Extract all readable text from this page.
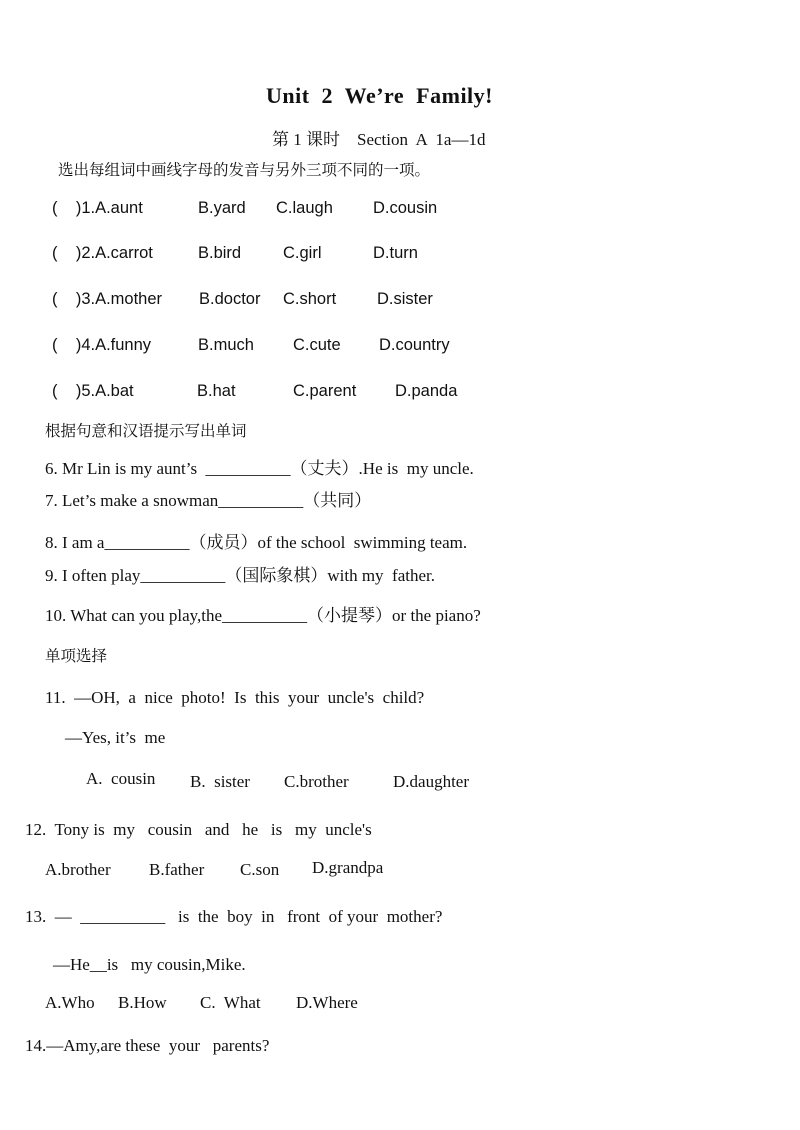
Unit  2  We’re  Family!
第 1 课时    Section  A  1a—1d
选出每组词中画线字母的发音与另外三项不同的一项。
(    )1.A.aunt	B.yard C.laugh D.cousin
(    )2.A.carrot	B.bird	C.girl	D.turn
(    )3.A.mother B.doctor C.short D.sister
(    )4.A.funny	B.much C.cute D.country
(    )5.A.bat	B.hat	C.parent D.panda
根据句意和汉语提示写出单词
6. Mr Lin is my aunt’s  __________（丈夫）.He is  my uncle.
7. Let’s make a snowman__________（共同）
8. I am a__________（成员）of the school  swimming team.
9. I often play__________（国际象棋）with my  father.
10. What can you play,the__________（小提琴）or the piano?
单项选择
11.  —OH,  a  nice  photo!  Is  this  your  uncle's  child?
—Yes, it’s  me
A.  cousin B.  sister C.brother	D.daughter
12.  Tony is  my   cousin   and   he   is   my  uncle's
A.brother B.father C.son D.grandpa
13.  —  __________   is  the  boy  in   front  of your  mother?
—He__is   my cousin,Mike.
A.Who B.How C.  What D.Where
14.—Amy,are these  your   parents?
